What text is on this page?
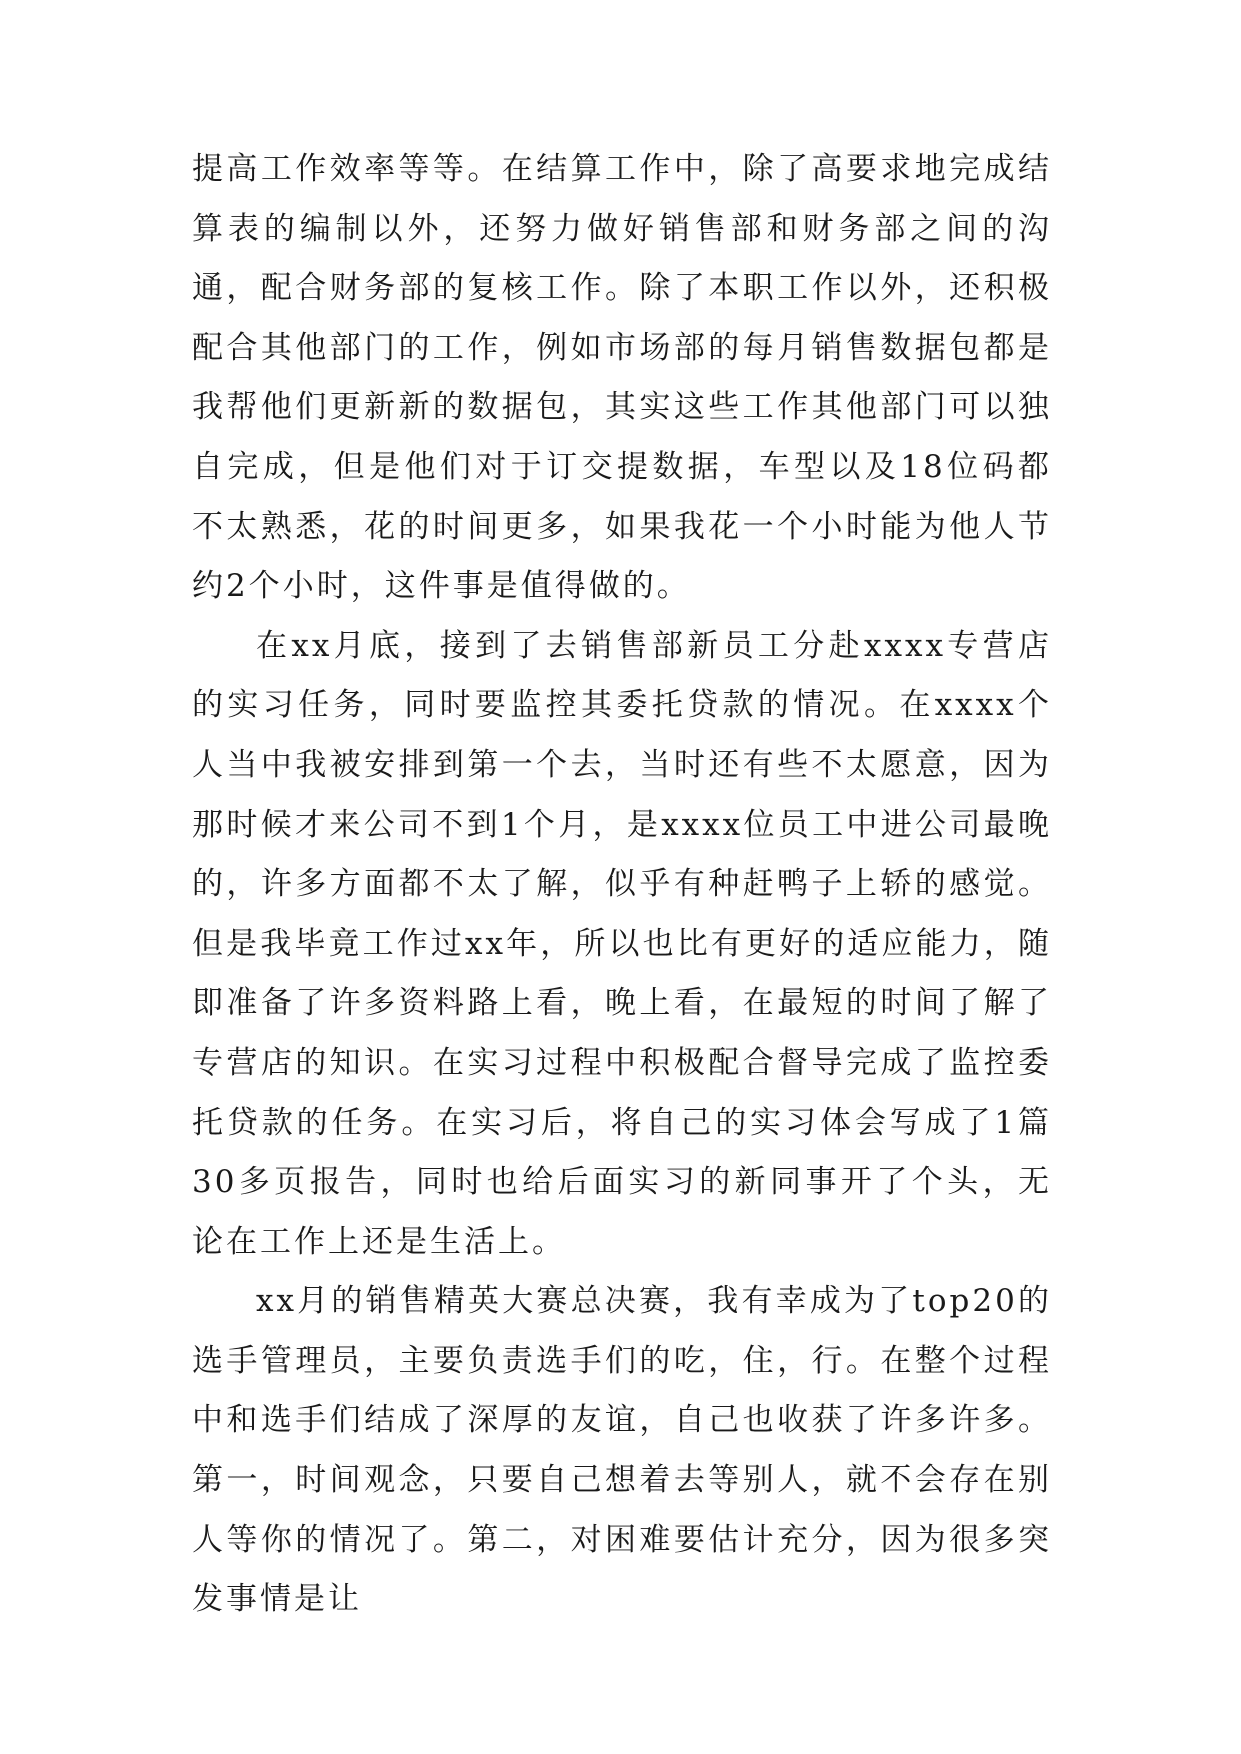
提高工作效率等等。在结算工作中，除了高要求地完成结算表的编制以外，还努力做好销售部和财务部之间的沟通，配合财务部的复核工作。除了本职工作以外，还积极配合其他部门的工作，例如市场部的每月销售数据包都是我帮他们更新新的数据包，其实这些工作其他部门可以独自完成，但是他们对于订交提数据，车型以及18位码都不太熟悉，花的时间更多，如果我花一个小时能为他人节约2个小时，这件事是值得做的。

在xx月底，接到了去销售部新员工分赴xxxx专营店的实习任务，同时要监控其委托贷款的情况。在xxxx个人当中我被安排到第一个去，当时还有些不太愿意，因为那时候才来公司不到1个月，是xxxx位员工中进公司最晚的，许多方面都不太了解，似乎有种赶鸭子上轿的感觉。但是我毕竟工作过xx年，所以也比有更好的适应能力，随即准备了许多资料路上看，晚上看，在最短的时间了解了专营店的知识。在实习过程中积极配合督导完成了监控委托贷款的任务。在实习后，将自己的实习体会写成了1篇30多页报告，同时也给后面实习的新同事开了个头，无论在工作上还是生活上。

xx月的销售精英大赛总决赛，我有幸成为了top20的选手管理员，主要负责选手们的吃，住，行。在整个过程中和选手们结成了深厚的友谊，自己也收获了许多许多。第一，时间观念，只要自己想着去等别人，就不会存在别人等你的情况了。第二，对困难要估计充分，因为很多突发事情是让
